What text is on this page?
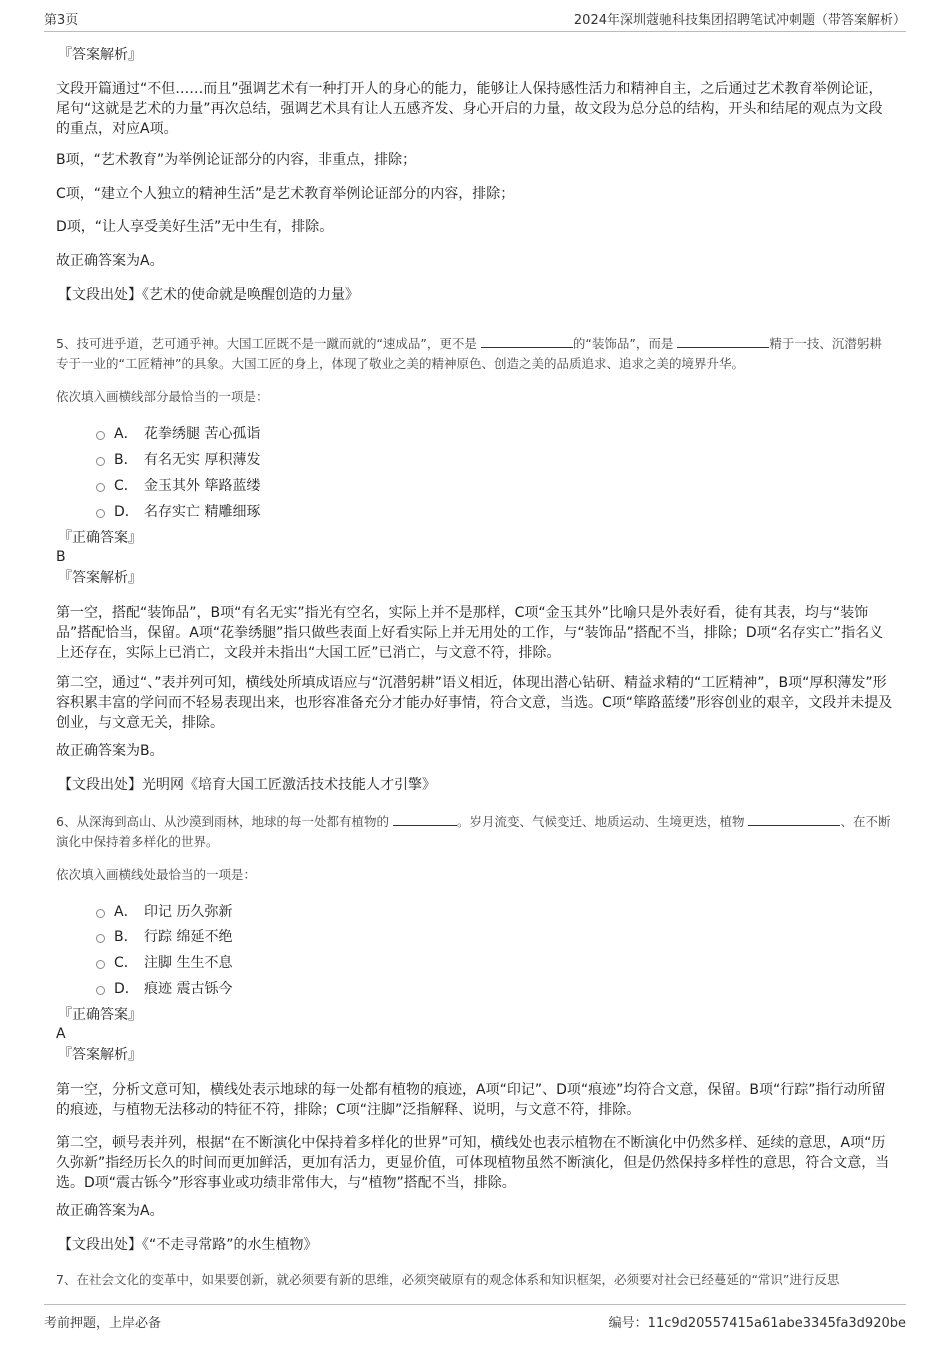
第3页	2024年深圳蔻驰科技集团招聘笔试冲刺题（带答案解析）
『答案解析』

文段开篇通过“不但……而且”强调艺术有一种打开人的身心的能力，能够让人保持感性活力和精神自主，之后通过艺术教育举例论证，尾句“这就是艺术的力量”再次总结，强调艺术具有让人五感齐发、身心开启的力量，故文段为总分总的结构，开头和结尾的观点为文段的重点，对应A项。

B项，“艺术教育”为举例论证部分的内容，非重点，排除；

C项，“建立个人独立的精神生活”是艺术教育举例论证部分的内容，排除；

D项，“让人享受美好生活”无中生有，排除。

故正确答案为A。

【文段出处】《艺术的使命就是唤醒创造的力量》

5、技可进乎道，艺可通乎神。大国工匠既不是一蹴而就的“速成品”，更不是	的“装饰品”，而是	精于一技、沉潜躬耕专于一业的“工匠精神”的具象。大国工匠的身上，体现了敬业之美的精神原色、创造之美的品质追求、追求之美的境界升华。

依次填入画横线部分最恰当的一项是：
A． 花拳绣腿 苦心孤诣
B． 有名无实 厚积薄发
C． 金玉其外 筚路蓝缕
D． 名存实亡 精雕细琢
『正确答案』
B
『答案解析』

第一空，搭配“装饰品”，B项“有名无实”指光有空名，实际上并不是那样，C项“金玉其外”比喻只是外表好看，徒有其表，均与“装饰品”搭配恰当，保留。A项“花拳绣腿”指只做些表面上好看实际上并无用处的工作，与“装饰品”搭配不当，排除；D项“名存实亡”指名义上还存在，实际上已消亡，文段并未指出“大国工匠”已消亡，与文意不符，排除。

第二空，通过“、”表并列可知，横线处所填成语应与“沉潜躬耕”语义相近，体现出潜心钻研、精益求精的“工匠精神”，B项“厚积薄发”形容积累丰富的学问而不轻易表现出来，也形容准备充分才能办好事情，符合文意，当选。C项“筚路蓝缕”形容创业的艰辛，文段并未提及创业，与文意无关，排除。

故正确答案为B。

【文段出处】光明网《培育大国工匠激活技术技能人才引擎》

6、从深海到高山、从沙漠到雨林，地球的每一处都有植物的	。岁月流变、气候变迁、地质运动、生境更迭，植物	、在不断演化中保持着多样化的世界。

依次填入画横线处最恰当的一项是：
A． 印记 历久弥新
B． 行踪 绵延不绝
C． 注脚 生生不息
D． 痕迹 震古铄今
『正确答案』
A
『答案解析』

第一空，分析文意可知，横线处表示地球的每一处都有植物的痕迹，A项“印记”、D项“痕迹”均符合文意，保留。B项“行踪”指行动所留的痕迹，与植物无法移动的特征不符，排除；C项“注脚”泛指解释、说明，与文意不符，排除。

第二空，顿号表并列，根据“在不断演化中保持着多样化的世界”可知，横线处也表示植物在不断演化中仍然多样、延续的意思，A项“历久弥新”指经历长久的时间而更加鲜活，更加有活力，更显价值，可体现植物虽然不断演化，但是仍然保持多样性的意思，符合文意，当选。D项“震古铄今”形容事业或功绩非常伟大，与“植物”搭配不当，排除。

故正确答案为A。

【文段出处】《“不走寻常路”的水生植物》

7、在社会文化的变革中，如果要创新，就必须要有新的思维，必须突破原有的观念体系和知识框架，必须要对社会已经蔓延的“常识”进行反思

考前押题，上岸必备	编号：11c9d20557415a61abe3345fa3d920be
